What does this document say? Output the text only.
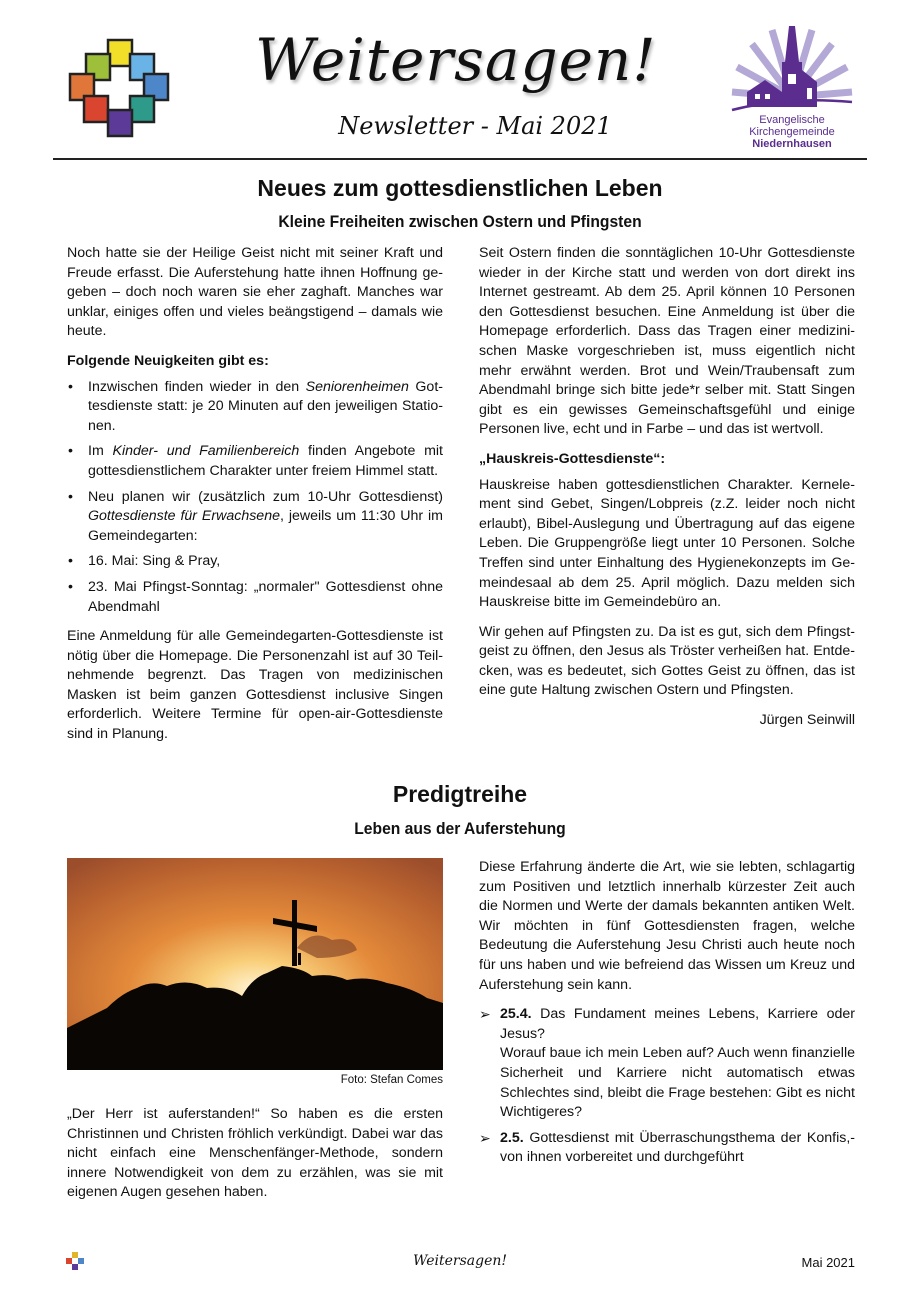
Weitersagen!
Newsletter - Mai 2021	Evangelische
Kirchengemeinde
Niedernhausen
Neues zum gottesdienstlichen Leben
Kleine Freiheiten zwischen Ostern und Pfingsten

Noch hatte sie der Heilige Geist nicht mit seiner Kraft und Freude erfasst. Die Auferstehung hatte ihnen Hoffnung gegeben – doch noch waren sie eher zaghaft. Manches war unklar, einiges offen und vieles beängstigend – damals wie heute.

Folgende Neuigkeiten gibt es:

• Inzwischen finden wieder in den Seniorenheimen Gottesdienste statt: je 20 Minuten auf den jeweiligen Stationen.
• Im Kinder- und Familienbereich finden Angebote mit gottesdienstlichem Charakter unter freiem Himmel statt.
• Neu planen wir (zusätzlich zum 10-Uhr Gottesdienst) Gottesdienste für Erwachsene, jeweils um 11:30 Uhr im Gemeindegarten:
• 16. Mai: Sing & Pray,
• 23. Mai Pfingst-Sonntag: „normaler" Gottesdienst ohne Abendmahl

Eine Anmeldung für alle Gemeindegarten-Gottesdienste ist nötig über die Homepage. Die Personenzahl ist auf 30 Teilnehmende begrenzt. Das Tragen von medizinischen Masken ist beim ganzen Gottesdienst inclusive Singen erforderlich. Weitere Termine für open-air-Gottesdienste sind in Planung.

Seit Ostern finden die sonntäglichen 10-Uhr Gottesdienste wieder in der Kirche statt und werden von dort direkt ins Internet gestreamt. Ab dem 25. April können 10 Personen den Gottesdienst besuchen. Eine Anmeldung ist über die Homepage erforderlich. Dass das Tragen einer medizinischen Maske vorgeschrieben ist, muss eigentlich nicht mehr erwähnt werden. Brot und Wein/Traubensaft zum Abendmahl bringe sich bitte jede*r selber mit. Statt Singen gibt es ein gewisses Gemeinschaftsgefühl und einige Personen live, echt und in Farbe – und das ist wertvoll.

„Hauskreis-Gottesdienste“:

Hauskreise haben gottesdienstlichen Charakter. Kernelement sind Gebet, Singen/Lobpreis (z.Z. leider noch nicht erlaubt), Bibel-Auslegung und Übertragung auf das eigene Leben. Die Gruppengröße liegt unter 10 Personen. Solche Treffen sind unter Einhaltung des Hygienekonzepts im Gemeindesaal ab dem 25. April möglich. Dazu melden sich Hauskreise bitte im Gemeindebüro an.

Wir gehen auf Pfingsten zu. Da ist es gut, sich dem Pfingstgeist zu öffnen, den Jesus als Tröster verheißen hat. Entdecken, was es bedeutet, sich Gottes Geist zu öffnen, das ist eine gute Haltung zwischen Ostern und Pfingsten.

Jürgen Seinwill

Predigtreihe
Leben aus der Auferstehung
Foto: Stefan Comes

„Der Herr ist auferstanden!“ So haben es die ersten Christinnen und Christen fröhlich verkündigt. Dabei war das nicht einfach eine Menschenfänger-Methode, sondern innere Notwendigkeit von dem zu erzählen, was sie mit eigenen Augen gesehen haben.

Diese Erfahrung änderte die Art, wie sie lebten, schlagartig zum Positiven und letztlich innerhalb kürzester Zeit auch die Normen und Werte der damals bekannten antiken Welt. Wir möchten in fünf Gottesdiensten fragen, welche Bedeutung die Auferstehung Jesu Christi auch heute noch für uns haben und wie befreiend das Wissen um Kreuz und Auferstehung sein kann.

➢ 25.4. Das Fundament meines Lebens, Karriere oder Jesus?
Worauf baue ich mein Leben auf? Auch wenn finanzielle Sicherheit und Karriere nicht automatisch etwas Schlechtes sind, bleibt die Frage bestehen: Gibt es nicht Wichtigeres?
➢ 2.5. Gottesdienst mit Überraschungsthema der Konfis,- von ihnen vorbereitet und durchgeführt
Weitersagen!	Mai 2021
